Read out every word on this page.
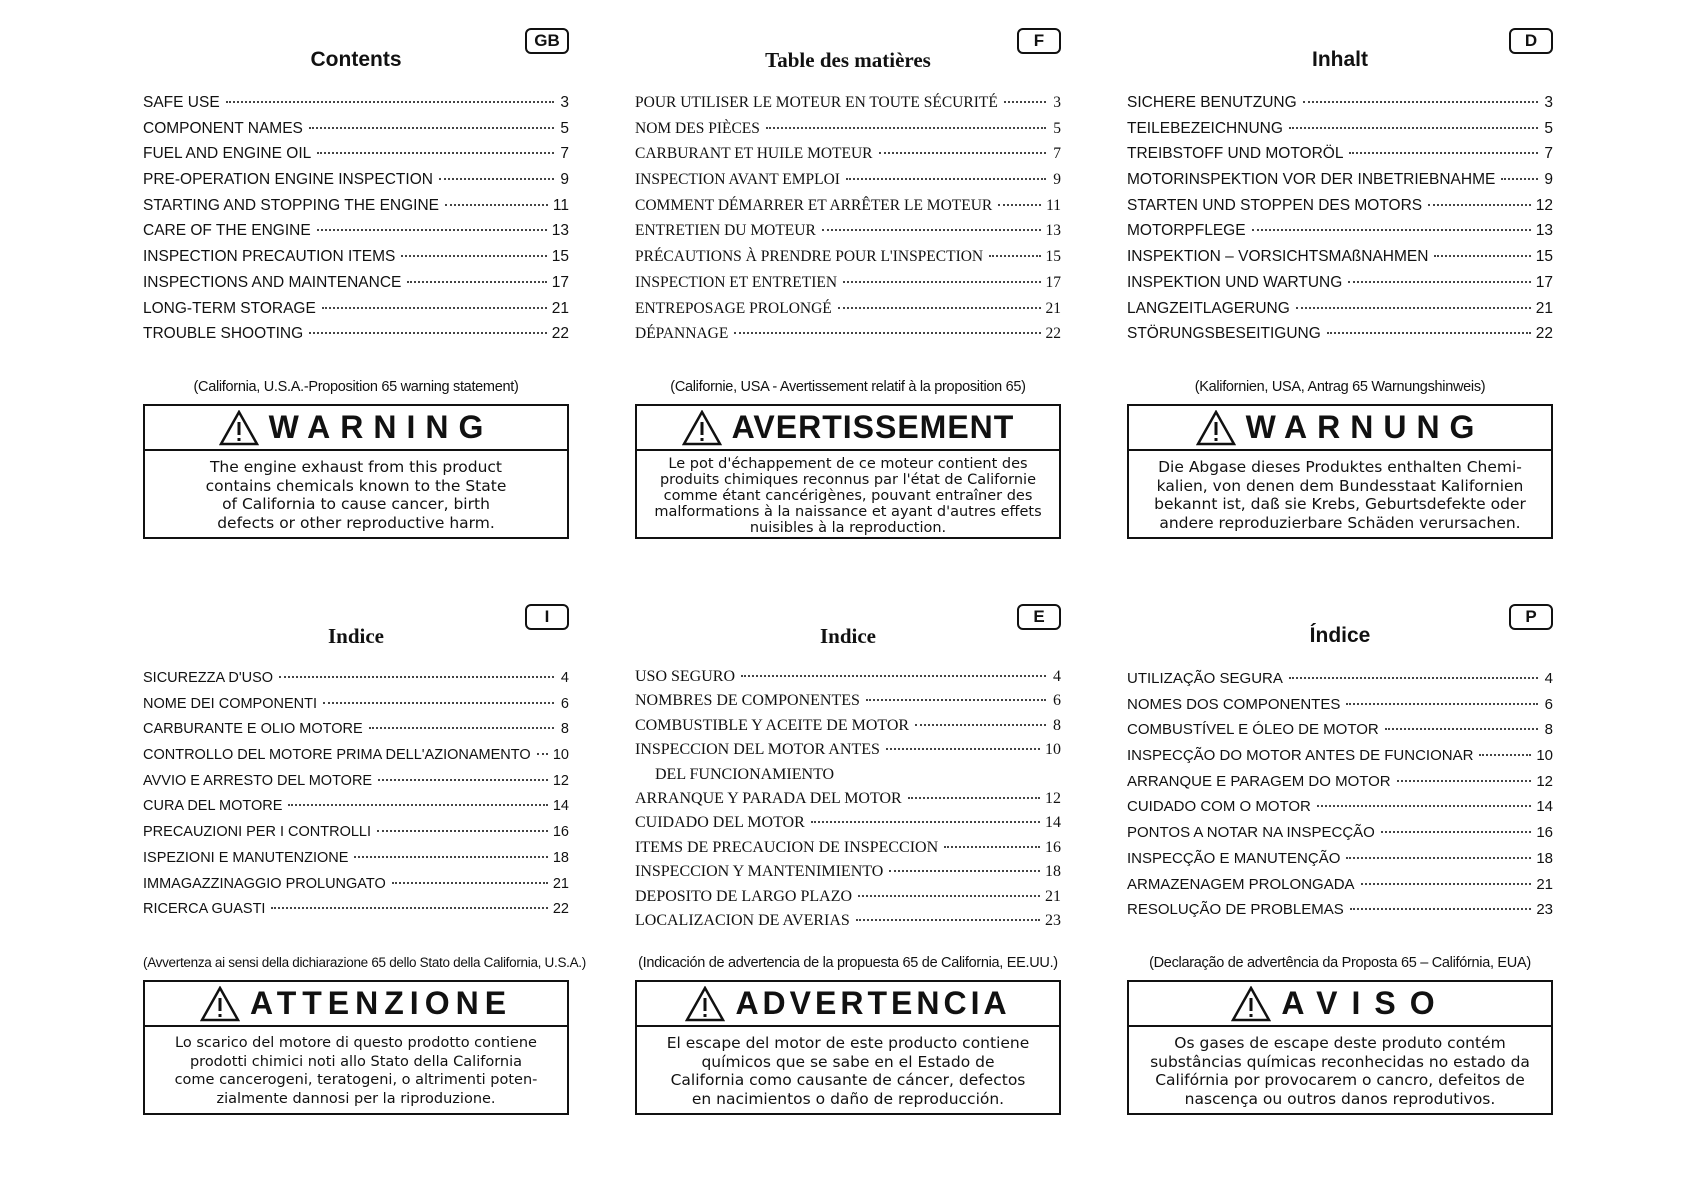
Contents
GB
SAFE USE	3
COMPONENT NAMES	5
FUEL AND ENGINE OIL	7
PRE-OPERATION ENGINE INSPECTION	9
STARTING AND STOPPING THE ENGINE	11
CARE OF THE ENGINE	13
INSPECTION PRECAUTION ITEMS	15
INSPECTIONS AND MAINTENANCE	17
LONG-TERM STORAGE	21
TROUBLE SHOOTING	22
(California, U.S.A.-Proposition 65 warning statement)
WARNING
The engine exhaust from this product
contains chemicals known to the State
of California to cause cancer, birth
defects or other reproductive harm.
Table des matières
F
POUR UTILISER LE MOTEUR EN TOUTE SÉCURITÉ	3
NOM DES PIÈCES	5
CARBURANT ET HUILE MOTEUR	7
INSPECTION AVANT EMPLOI	9
COMMENT DÉMARRER ET ARRÊTER LE MOTEUR	11
ENTRETIEN DU MOTEUR	13
PRÉCAUTIONS À PRENDRE POUR L'INSPECTION	15
INSPECTION ET ENTRETIEN	17
ENTREPOSAGE PROLONGÉ	21
DÉPANNAGE	22
(Californie, USA - Avertissement relatif à la proposition 65)
AVERTISSEMENT
Le pot d'échappement de ce moteur contient des
produits chimiques reconnus par l'état de Californie
comme étant cancérigènes, pouvant entraîner des
malformations à la naissance et ayant d'autres effets
nuisibles à la reproduction.
Inhalt
D
SICHERE BENUTZUNG	3
TEILEBEZEICHNUNG	5
TREIBSTOFF UND MOTORÖL	7
MOTORINSPEKTION VOR DER INBETRIEBNAHME	9
STARTEN UND STOPPEN DES MOTORS	12
MOTORPFLEGE	13
INSPEKTION – VORSICHTSMAßNAHMEN	15
INSPEKTION UND WARTUNG	17
LANGZEITLAGERUNG	21
STÖRUNGSBESEITIGUNG	22
(Kalifornien, USA, Antrag 65 Warnungshinweis)
WARNUNG
Die Abgase dieses Produktes enthalten Chemi-
kalien, von denen dem Bundesstaat Kalifornien
bekannt ist, daß sie Krebs, Geburtsdefekte oder
andere reproduzierbare Schäden verursachen.
Indice
I
SICUREZZA D'USO	4
NOME DEI COMPONENTI	6
CARBURANTE E OLIO MOTORE	8
CONTROLLO DEL MOTORE PRIMA DELL'AZIONAMENTO 10
AVVIO E ARRESTO DEL MOTORE	12
CURA DEL MOTORE	14
PRECAUZIONI PER I CONTROLLI	16
ISPEZIONI E MANUTENZIONE	18
IMMAGAZZINAGGIO PROLUNGATO	21
RICERCA GUASTI	22
(Avvertenza ai sensi della dichiarazione 65 dello Stato della California, U.S.A.)
ATTENZIONE
Lo scarico del motore di questo prodotto contiene
prodotti chimici noti allo Stato della California
come cancerogeni, teratogeni, o altrimenti poten-
zialmente dannosi per la riproduzione.
Indice
E
USO SEGURO	4
NOMBRES DE COMPONENTES	6
COMBUSTIBLE Y ACEITE DE MOTOR	8
INSPECCION DEL MOTOR ANTES	10
DEL FUNCIONAMIENTO
ARRANQUE Y PARADA DEL MOTOR	12
CUIDADO DEL MOTOR	14
ITEMS DE PRECAUCION DE INSPECCION	16
INSPECCION Y MANTENIMIENTO	18
DEPOSITO DE LARGO PLAZO	21
LOCALIZACION DE AVERIAS	23
(Indicación de advertencia de la propuesta 65 de California, EE.UU.)
ADVERTENCIA
El escape del motor de este producto contiene
químicos que se sabe en el Estado de
California como causante de cáncer, defectos
en nacimientos o daño de reproducción.
Índice
P
UTILIZAÇÃO SEGURA	4
NOMES DOS COMPONENTES	6
COMBUSTÍVEL E ÓLEO DE MOTOR	8
INSPECÇÃO DO MOTOR ANTES DE FUNCIONAR	10
ARRANQUE E PARAGEM DO MOTOR	12
CUIDADO COM O MOTOR	14
PONTOS A NOTAR NA INSPECÇÃO	16
INSPECÇÃO E MANUTENÇÃO	18
ARMAZENAGEM PROLONGADA	21
RESOLUÇÃO DE PROBLEMAS	23
(Declaração de advertência da Proposta 65 – Califórnia, EUA)
AVISO
Os gases de escape deste produto contém
substâncias químicas reconhecidas no estado da
Califórnia por provocarem o cancro, defeitos de
nascença ou outros danos reprodutivos.
